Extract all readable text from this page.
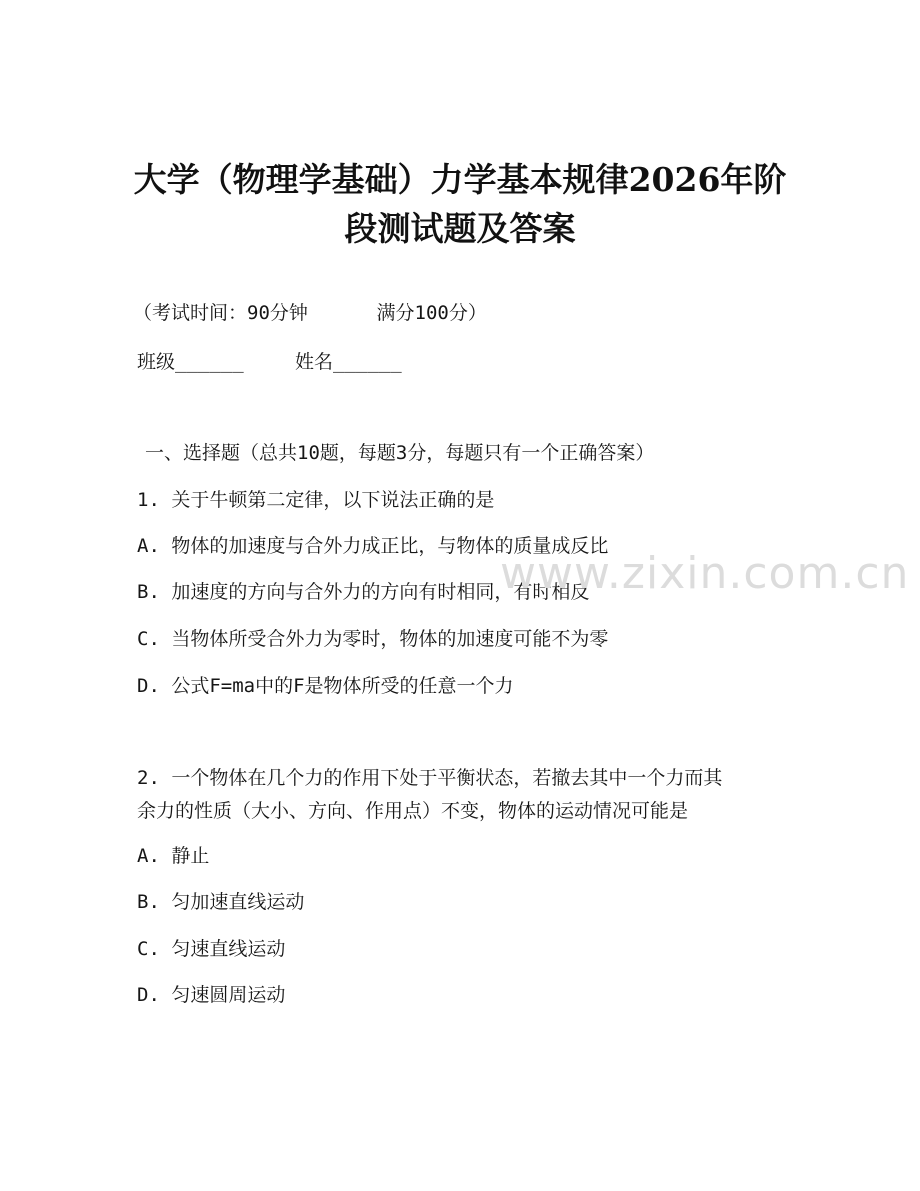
大学（物理学基础）力学基本规律2026年阶
段测试题及答案
（考试时间：90分钟      满分100分）
班级______	姓名______
一、选择题（总共10题，每题3分，每题只有一个正确答案）
1. 关于牛顿第二定律，以下说法正确的是
A. 物体的加速度与合外力成正比，与物体的质量成反比
B. 加速度的方向与合外力的方向有时相同，有时相反
C. 当物体所受合外力为零时，物体的加速度可能不为零
D. 公式F=ma中的F是物体所受的任意一个力
2. 一个物体在几个力的作用下处于平衡状态，若撤去其中一个力而其
余力的性质（大小、方向、作用点）不变，物体的运动情况可能是
A. 静止
B. 匀加速直线运动
C. 匀速直线运动
D. 匀速圆周运动
www.zixin.com.cn
